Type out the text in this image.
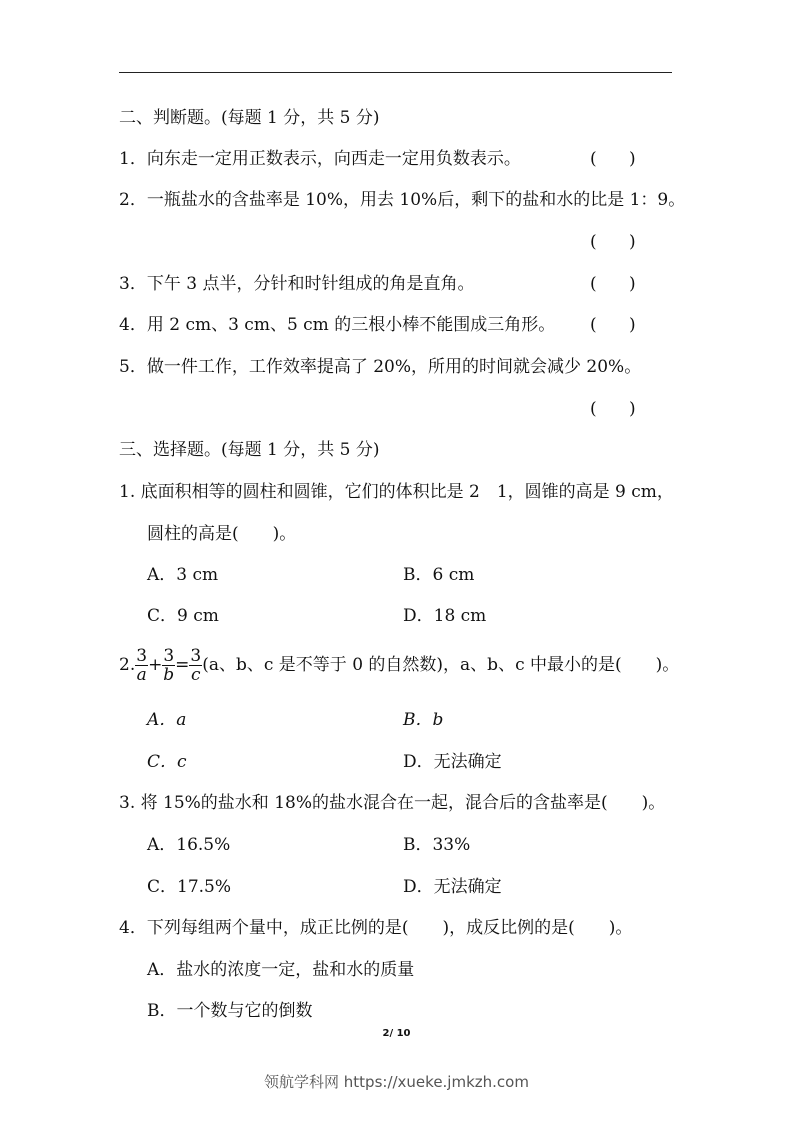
二、判断题。(每题 1 分，共 5 分)
1．向东走一定用正数表示，向西走一定用负数表示。	(      )
2．一瓶盐水的含盐率是 10%，用去 10%后，剩下的盐和水的比是 1：9。
(      )
3．下午 3 点半，分针和时针组成的角是直角。	(      )
4．用 2 cm、3 cm、5 cm 的三根小棒不能围成三角形。 (      )
5．做一件工作，工作效率提高了 20%，所用的时间就会减少 20%。
(      )
三、选择题。(每题 1 分，共 5 分)
1. 底面积相等的圆柱和圆锥，它们的体积比是 2　1，圆锥的高是 9 cm，
圆柱的高是(　　)。
A．3 cm	B．6 cm
C．9 cm	D．18 cm
2. $\frac{3}{a} + \frac{3}{b} = \frac{3}{c} (a$、b、c 是不等于 0 的自然数)，a、b、c 中最小的是(　　)。
A．a	B．b
C．c	D．无法确定
3. 将 15%的盐水和 18%的盐水混合在一起，混合后的含盐率是(　　)。
A．16.5%	B．33%
C．17.5%	D．无法确定
4．下列每组两个量中，成正比例的是(　　)，成反比例的是(　　)。
A．盐水的浓度一定，盐和水的质量
B．一个数与它的倒数
2/ 10
领航学科网 https://xueke.jmkzh.com
